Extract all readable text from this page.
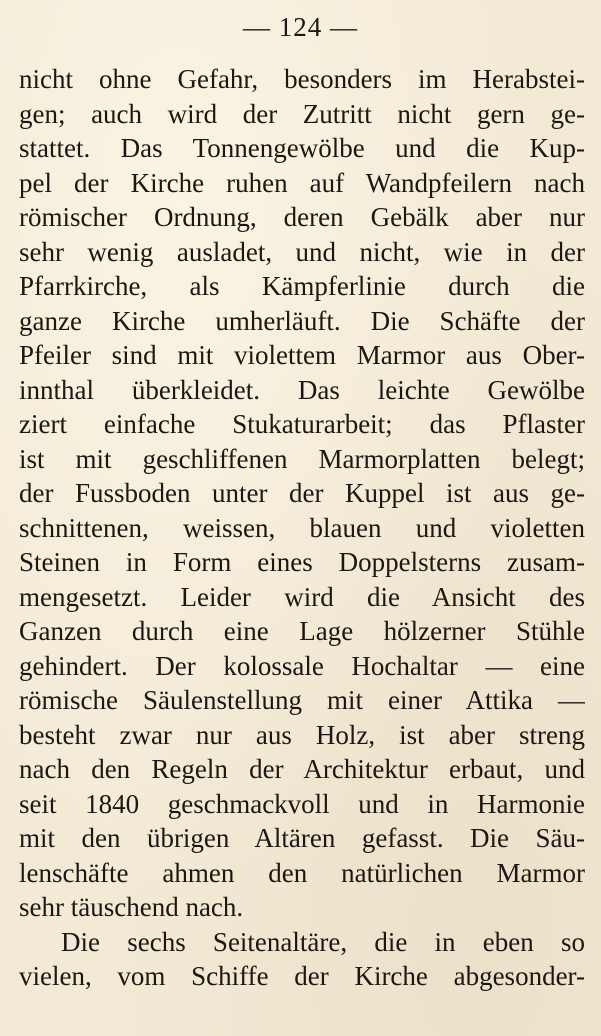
— 124 —
nicht ohne Gefahr, besonders im Herabstei-
gen; auch wird der Zutritt nicht gern ge-
stattet. Das Tonnengewölbe und die Kup-
pel der Kirche ruhen auf Wandpfeilern nach
römischer Ordnung, deren Gebälk aber nur
sehr wenig ausladet, und nicht, wie in der
Pfarrkirche, als Kämpferlinie durch die
ganze Kirche umherläuft. Die Schäfte der
Pfeiler sind mit violettem Marmor aus Ober-
innthal überkleidet. Das leichte Gewölbe
ziert einfache Stukaturarbeit; das Pflaster
ist mit geschliffenen Marmorplatten belegt;
der Fussboden unter der Kuppel ist aus ge-
schnittenen, weissen, blauen und violetten
Steinen in Form eines Doppelsterns zusam-
mengesetzt. Leider wird die Ansicht des
Ganzen durch eine Lage hölzerner Stühle
gehindert. Der kolossale Hochaltar — eine
römische Säulenstellung mit einer Attika —
besteht zwar nur aus Holz, ist aber streng
nach den Regeln der Architektur erbaut, und
seit 1840 geschmackvoll und in Harmonie
mit den übrigen Altären gefasst. Die Säu-
lenschäfte ahmen den natürlichen Marmor
sehr täuschend nach.
Die sechs Seitenaltäre, die in eben so
vielen, vom Schiffe der Kirche abgesonder-
